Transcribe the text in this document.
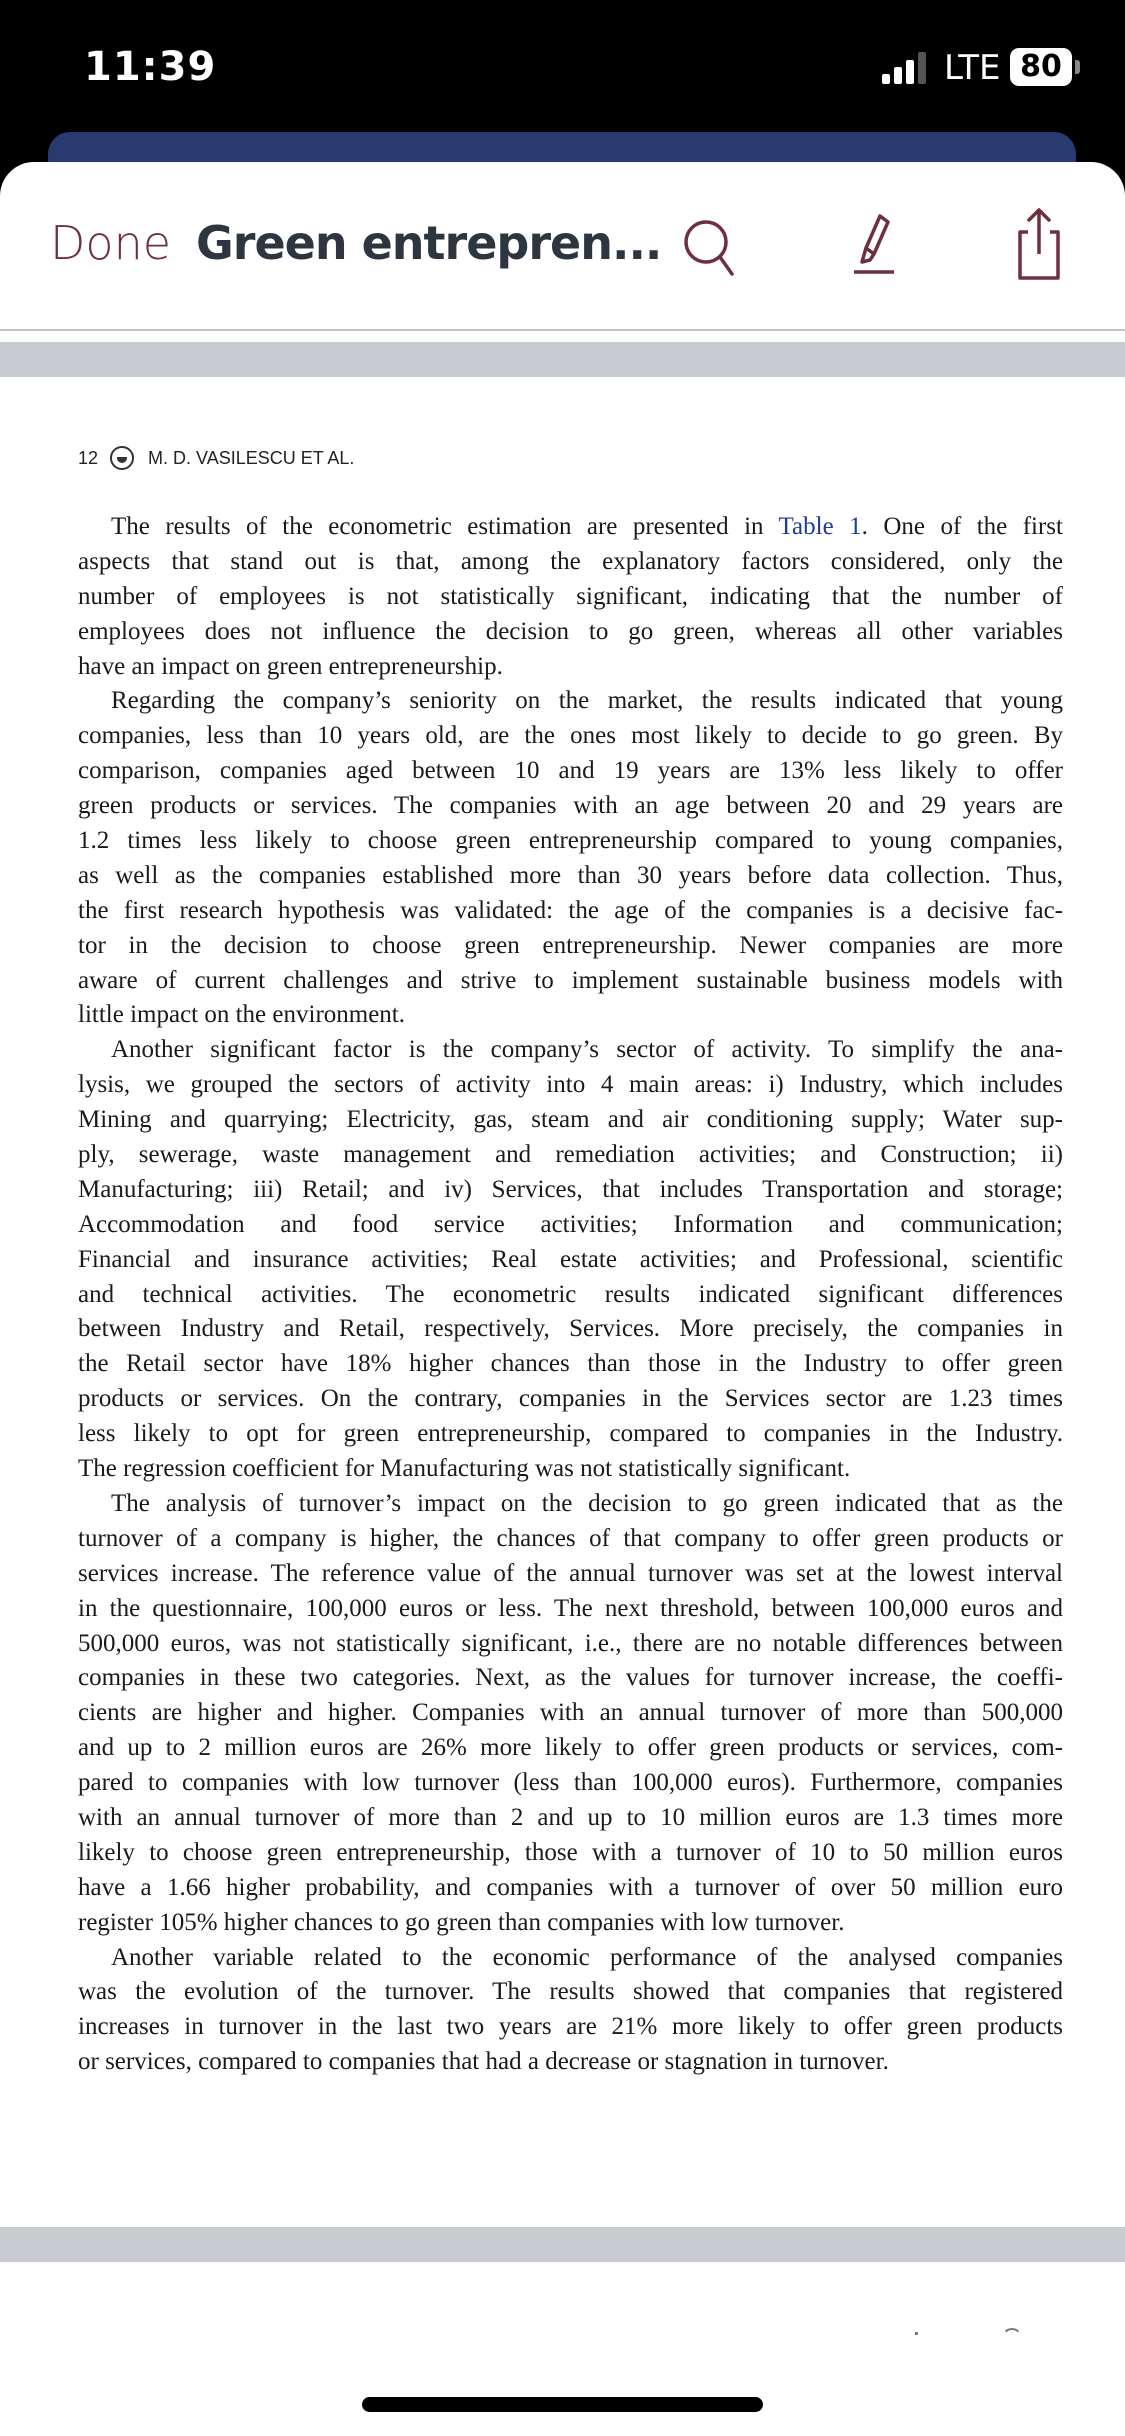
11:39	LTE 80
Done Green entrepren...
12	M. D. VASILESCU ET AL.
The results of the econometric estimation are presented in Table 1. One of the first
aspects that stand out is that, among the explanatory factors considered, only the
number of employees is not statistically significant, indicating that the number of
employees does not influence the decision to go green, whereas all other variables
have an impact on green entrepreneurship.
Regarding the company’s seniority on the market, the results indicated that young
companies, less than 10 years old, are the ones most likely to decide to go green. By
comparison, companies aged between 10 and 19 years are 13% less likely to offer
green products or services. The companies with an age between 20 and 29 years are
1.2 times less likely to choose green entrepreneurship compared to young companies,
as well as the companies established more than 30 years before data collection. Thus,
the first research hypothesis was validated: the age of the companies is a decisive fac-
tor in the decision to choose green entrepreneurship. Newer companies are more
aware of current challenges and strive to implement sustainable business models with
little impact on the environment.
Another significant factor is the company’s sector of activity. To simplify the ana-
lysis, we grouped the sectors of activity into 4 main areas: i) Industry, which includes
Mining and quarrying; Electricity, gas, steam and air conditioning supply; Water sup-
ply, sewerage, waste management and remediation activities; and Construction; ii)
Manufacturing; iii) Retail; and iv) Services, that includes Transportation and storage;
Accommodation and food service activities; Information and communication;
Financial and insurance activities; Real estate activities; and Professional, scientific
and technical activities. The econometric results indicated significant differences
between Industry and Retail, respectively, Services. More precisely, the companies in
the Retail sector have 18% higher chances than those in the Industry to offer green
products or services. On the contrary, companies in the Services sector are 1.23 times
less likely to opt for green entrepreneurship, compared to companies in the Industry.
The regression coefficient for Manufacturing was not statistically significant.
The analysis of turnover’s impact on the decision to go green indicated that as the
turnover of a company is higher, the chances of that company to offer green products or
services increase. The reference value of the annual turnover was set at the lowest interval
in the questionnaire, 100,000 euros or less. The next threshold, between 100,000 euros and
500,000 euros, was not statistically significant, i.e., there are no notable differences between
companies in these two categories. Next, as the values for turnover increase, the coeffi-
cients are higher and higher. Companies with an annual turnover of more than 500,000
and up to 2 million euros are 26% more likely to offer green products or services, com-
pared to companies with low turnover (less than 100,000 euros). Furthermore, companies
with an annual turnover of more than 2 and up to 10 million euros are 1.3 times more
likely to choose green entrepreneurship, those with a turnover of 10 to 50 million euros
have a 1.66 higher probability, and companies with a turnover of over 50 million euro
register 105% higher chances to go green than companies with low turnover.
Another variable related to the economic performance of the analysed companies
was the evolution of the turnover. The results showed that companies that registered
increases in turnover in the last two years are 21% more likely to offer green products
or services, compared to companies that had a decrease or stagnation in turnover.
